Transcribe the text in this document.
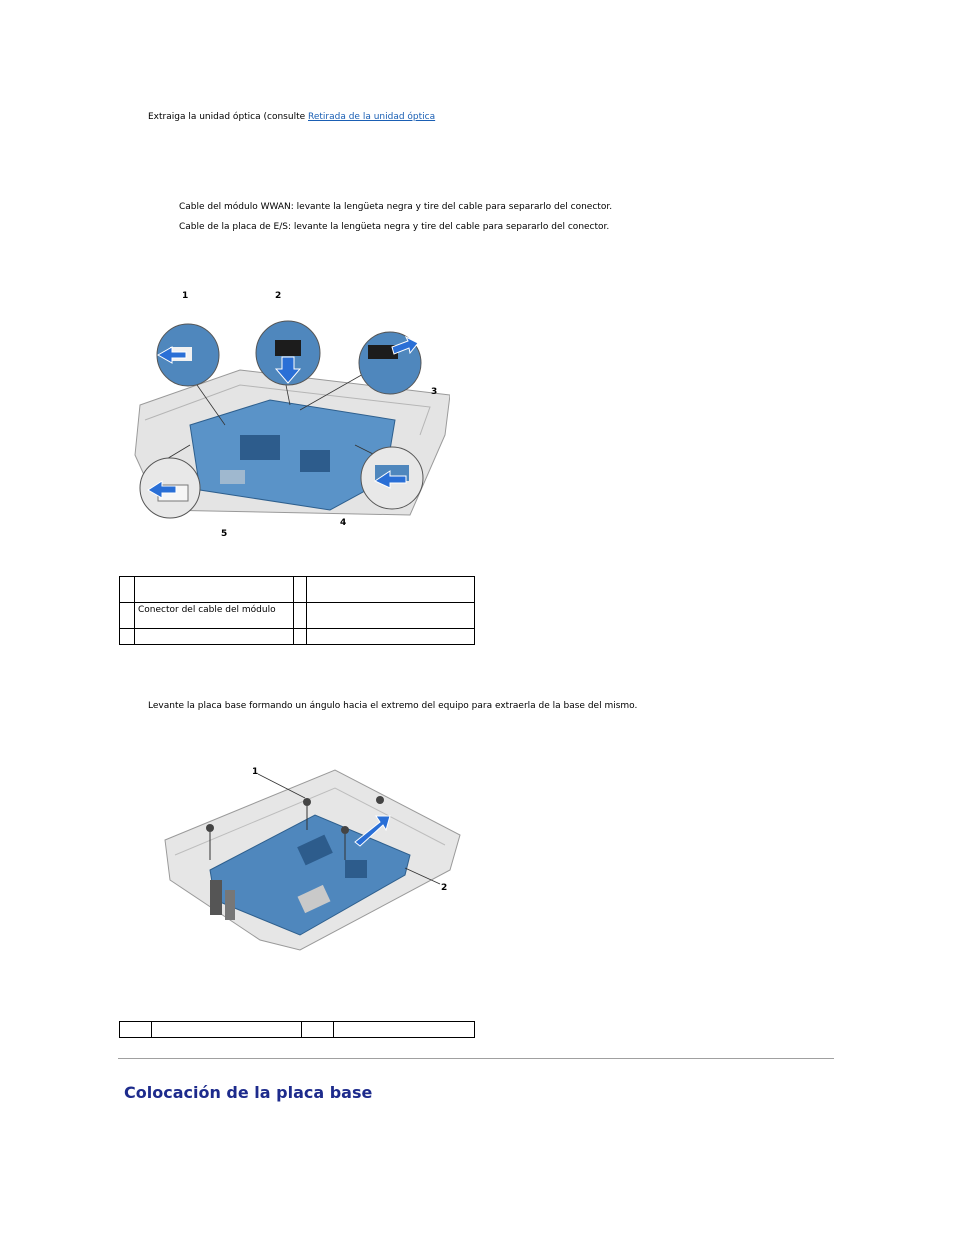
Extraiga la unidad óptica (consulte Retirada de la unidad óptica
Cable del módulo WWAN: levante la lengüeta negra y tire del cable para separarlo del conector.
Cable de la placa de E/S: levante la lengüeta negra y tire del cable para separarlo del conector.
1	2
3
4
5

	Conector del cable del módulo		

Levante la placa base formando un ángulo hacia el extremo del equipo para extraerla de la base del mismo.
1
2

Colocación de la placa base
